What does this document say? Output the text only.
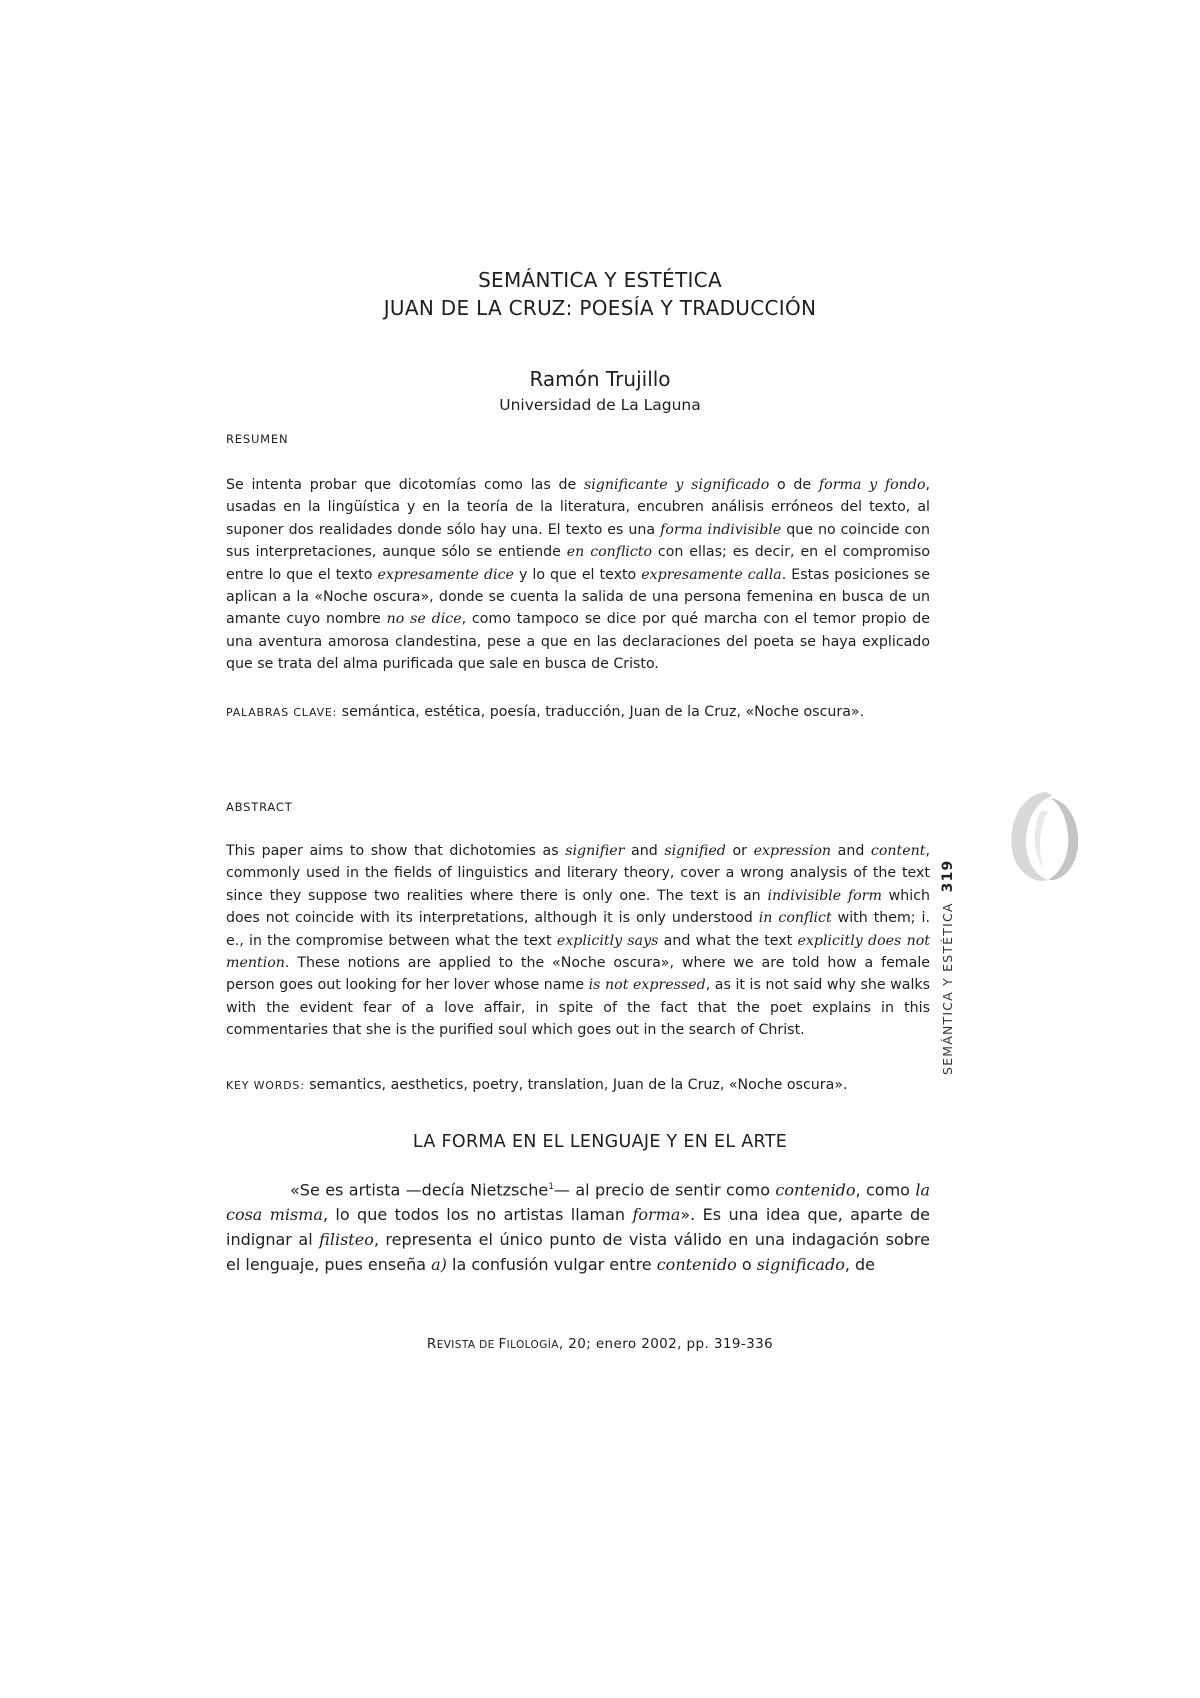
SEMÁNTICA Y ESTÉTICA
JUAN DE LA CRUZ: POESÍA Y TRADUCCIÓN
Ramón Trujillo
Universidad de La Laguna
RESUMEN

Se intenta probar que dicotomías como las de significante y significado o de forma y fondo, usadas en la lingüística y en la teoría de la literatura, encubren análisis erróneos del texto, al suponer dos realidades donde sólo hay una. El texto es una forma indivisible que no coincide con sus interpretaciones, aunque sólo se entiende en conflicto con ellas; es decir, en el compromiso entre lo que el texto expresamente dice y lo que el texto expresamente calla. Estas posiciones se aplican a la «Noche oscura», donde se cuenta la salida de una persona femenina en busca de un amante cuyo nombre no se dice, como tampoco se dice por qué marcha con el temor propio de una aventura amorosa clandestina, pese a que en las declaraciones del poeta se haya explicado que se trata del alma purificada que sale en busca de Cristo.

PALABRAS CLAVE: semántica, estética, poesía, traducción, Juan de la Cruz, «Noche oscura».

ABSTRACT

This paper aims to show that dichotomies as signifier and signified or expression and content, commonly used in the fields of linguistics and literary theory, cover a wrong analysis of the text since they suppose two realities where there is only one. The text is an indivisible form which does not coincide with its interpretations, although it is only understood in conflict with them; i. e., in the compromise between what the text explicitly says and what the text explicitly does not mention. These notions are applied to the «Noche oscura», where we are told how a female person goes out looking for her lover whose name is not expressed, as it is not said why she walks with the evident fear of a love affair, in spite of the fact that the poet explains in this commentaries that she is the purified soul which goes out in the search of Christ.

KEY WORDS: semantics, aesthetics, poetry, translation, Juan de la Cruz, «Noche oscura».

LA FORMA EN EL LENGUAJE Y EN EL ARTE

«Se es artista —decía Nietzsche$^1$— al precio de sentir como contenido, como la cosa misma, lo que todos los no artistas llaman forma». Es una idea que, aparte de indignar al filisteo, representa el único punto de vista válido en una indagación sobre el lenguaje, pues enseña a) la confusión vulgar entre contenido o significado, de

REVISTA DE FILOLOGÍA, 20; enero 2002, pp. 319-336
SEMÁNTICA Y ESTÉTICA319
